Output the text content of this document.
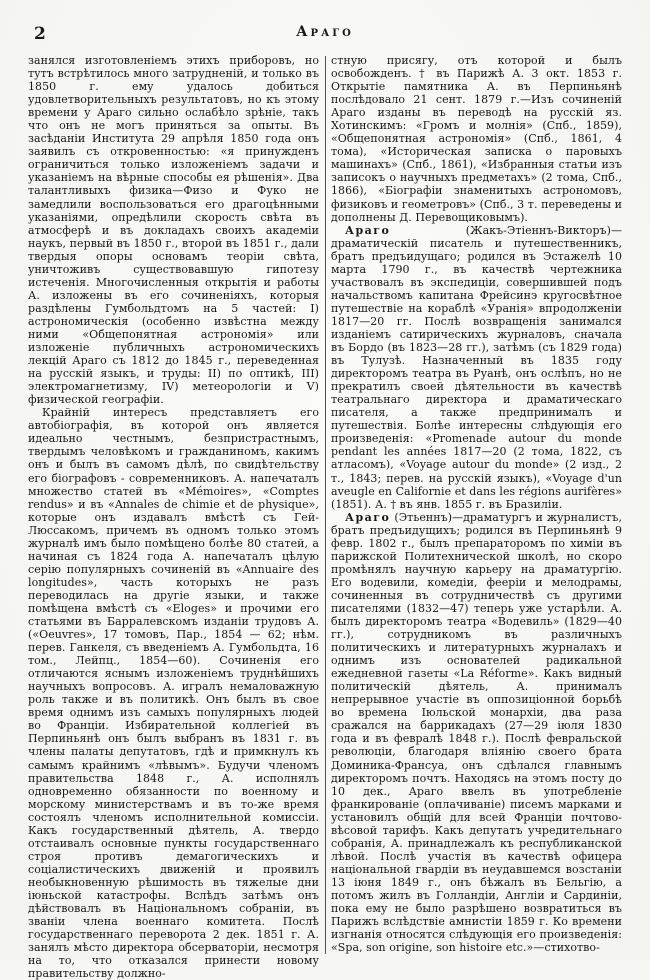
2	Араго

занялся изготовленіемъ этихъ приборовъ, но тутъ встрѣтилось много затрудненій, и только въ 1850 г. ему удалось добиться удовлетворительныхъ результатовъ, но къ этому времени у Араго сильно ослабѣло зрѣніе, такъ что онъ не могъ приняться за опыты. Въ засѣданіи Института 29 апрѣля 1850 года онъ заявилъ съ откровенностью: «я принужденъ ограничиться только изложеніемъ задачи и указаніемъ на вѣрные способы ея рѣшенія». Два талантливыхъ физика—Физо и Фуко не замедлили воспользоваться его драгоцѣнными указаніями, опредѣлили скорость свѣта въ атмосферѣ и въ докладахъ своихъ академіи наукъ, первый въ 1850 г., второй въ 1851 г., дали твердыя опоры основамъ теоріи свѣта, уничтоживъ существовавшую гипотезу истеченія. Многочисленныя открытія и работы А. изложены въ его сочиненіяхъ, которыя раздѣлены Гумбольдтомъ на 5 частей: I) астрономическія (особенно извѣстна между ними «Общепонятная астрономія» или изложеніе публичныхъ астрономическихъ лекцій Араго съ 1812 до 1845 г., переведенная на русскій языкъ, и труды: II) по оптикѣ, III) электромагнетизму, IV) метеорологіи и V) физической географіи.

Крайній интересъ представляетъ его автобіографія, въ которой онъ является идеально честнымъ, безпристрастнымъ, твердымъ человѣкомъ и гражданиномъ, какимъ онъ и былъ въ самомъ дѣлѣ, по свидѣтельству его біографовъ - современниковъ. А. напечаталъ множество статей въ «Mémoires», «Comptes rendus» и въ «Annales de chimie et de physique», которые онъ издавалъ вмѣстѣ съ Гей-Люссакомъ, причемъ въ одномъ только этомъ журналѣ имъ было помѣщено болѣе 80 статей, а начиная съ 1824 года А. напечаталъ цѣлую серію популярныхъ сочиненій въ «Annuaire des longitudes», часть которыхъ не разъ переводилась на другіе языки, и также помѣщена вмѣстѣ съ «Eloges» и прочими его статьями въ Барралевскомъ изданіи трудовъ А. («Oeuvres», 17 томовъ, Пар., 1854 — 62; нѣм. перев. Ганкеля, съ введеніемъ А. Гумбольдта, 16 том., Лейпц., 1854—60). Сочиненія его отличаются яснымъ изложеніемъ труднѣйшихъ научныхъ вопросовъ. А. игралъ немаловажную роль также и въ политикѣ. Онъ былъ въ свое время однимъ изъ самыхъ популярныхъ людей во Франціи. Избирательной коллегіей въ Перпиньянѣ онъ былъ выбранъ въ 1831 г. въ члены палаты депутатовъ, гдѣ и примкнулъ къ самымъ крайнимъ «лѣвымъ». Будучи членомъ правительства 1848 г., А. исполнялъ одновременно обязанности по военному и морскому министерствамъ и въ то-же время состоялъ членомъ исполнительной комиссіи. Какъ государственный дѣятель, А. твердо отстаивалъ основные пункты государственнаго строя противъ демагогическихъ и соціалистическихъ движеній и проявилъ необыкновенную рѣшимость въ тяжелые дни іюньской катастрофы. Вслѣдъ затѣмъ онъ дѣйствовалъ въ Національномъ собраніи, въ званіи члена военнаго комитета. Послѣ государственнаго переворота 2 дек. 1851 г. А. занялъ мѣсто директора обсерваторіи, несмотря на то, что отказался принести новому правительству должно-

стную присягу, отъ которой и былъ освобожденъ. † въ Парижѣ А. 3 окт. 1853 г. Открытіе памятника А. въ Перпиньянѣ послѣдовало 21 сент. 1879 г.—Изъ сочиненій Араго изданы въ переводѣ на русскій яз. Хотинскимъ: «Громъ и молнія» (Спб., 1859), «Общепонятная астрономія» (Спб., 1861, 4 тома), «Историческая записка о паровыхъ машинахъ» (Спб., 1861), «Избранныя статьи изъ записокъ о научныхъ предметахъ» (2 тома, Спб., 1866), «Біографіи знаменитыхъ астрономовъ, физиковъ и геометровъ» (Спб., 3 т. переведены и дополнены Д. Перевощиковымъ).

Араго (Жакъ-Этіеннъ-Викторъ)—драматическій писатель и путешественникъ, братъ предъидущаго; родился въ Эстажелѣ 10 марта 1790 г., въ качествѣ чертежника участвовалъ въ экспедиціи, совершившей подъ начальствомъ капитана Фрейсинэ кругосвѣтное путешествіе на кораблѣ «Уранія» впродолженіи 1817—20 гг. Послѣ возвращенія занимался изданіемъ сатирическихъ журналовъ, сначала въ Бордо (въ 1823—28 гг.), затѣмъ (съ 1829 года) въ Тулузѣ. Назначенный въ 1835 году директоромъ театра въ Руанѣ, онъ ослѣпъ, но не прекратилъ своей дѣятельности въ качествѣ театральнаго директора и драматическаго писателя, а также предпринималъ и путешествія. Болѣе интересны слѣдующія его произведенія: «Promenade autour du monde pendant les années 1817—20 (2 тома, 1822, съ атласомъ), «Voyage autour du monde» (2 изд., 2 т., 1843; перев. на русскій языкъ), «Voyage d'un aveugle en Californie et dans les régions aurifères» (1851). А. † въ янв. 1855 г. въ Бразиліи.

Араго (Этьеннъ)—драматургъ и журналистъ, братъ предъидущихъ; родился въ Перпиньянѣ 9 февр. 1802 г., былъ препараторомъ по химіи въ парижской Политехнической школѣ, но скоро промѣнялъ научную карьеру на драматургію. Его водевили, комедіи, фееріи и мелодрамы, сочиненныя въ сотрудничествѣ съ другими писателями (1832—47) теперь уже устарѣли. А. былъ директоромъ театра «Водевиль» (1829—40 гг.), сотрудникомъ въ различныхъ политическихъ и литературныхъ журналахъ и однимъ изъ основателей радикальной ежедневной газеты «La Réforme». Какъ видный политическій дѣятель, А. принималъ непрерывное участіе въ оппозиціонной борьбѣ во времена Іюльской монархіи, два раза сражался на баррикадахъ (27—29 іюля 1830 года и въ февралѣ 1848 г.). Послѣ февральской революціи, благодаря вліянію своего брата Доминика-Франсуа, онъ сдѣлался главнымъ директоромъ почтъ. Находясь на этомъ посту до 10 дек., Араго ввелъ въ употребленіе франкированіе (оплачиваніе) писемъ марками и установилъ общій для всей Франціи почтово-вѣсовой тарифъ. Какъ депутатъ учредительнаго собранія, А. принадлежалъ къ республиканской лѣвой. Послѣ участія въ качествѣ офицера національной гвардіи въ неудавшемся возстаніи 13 іюня 1849 г., онъ бѣжалъ въ Бельгію, а потомъ жилъ въ Голландіи, Англіи и Сардиніи, пока ему не было разрѣшено возвратиться въ Парижъ вслѣдствіе амнистіи 1859 г. Ко времени изгнанія относятся слѣдующія его произведенія: «Spa, son origine, son histoire etc.»—стихотво-
